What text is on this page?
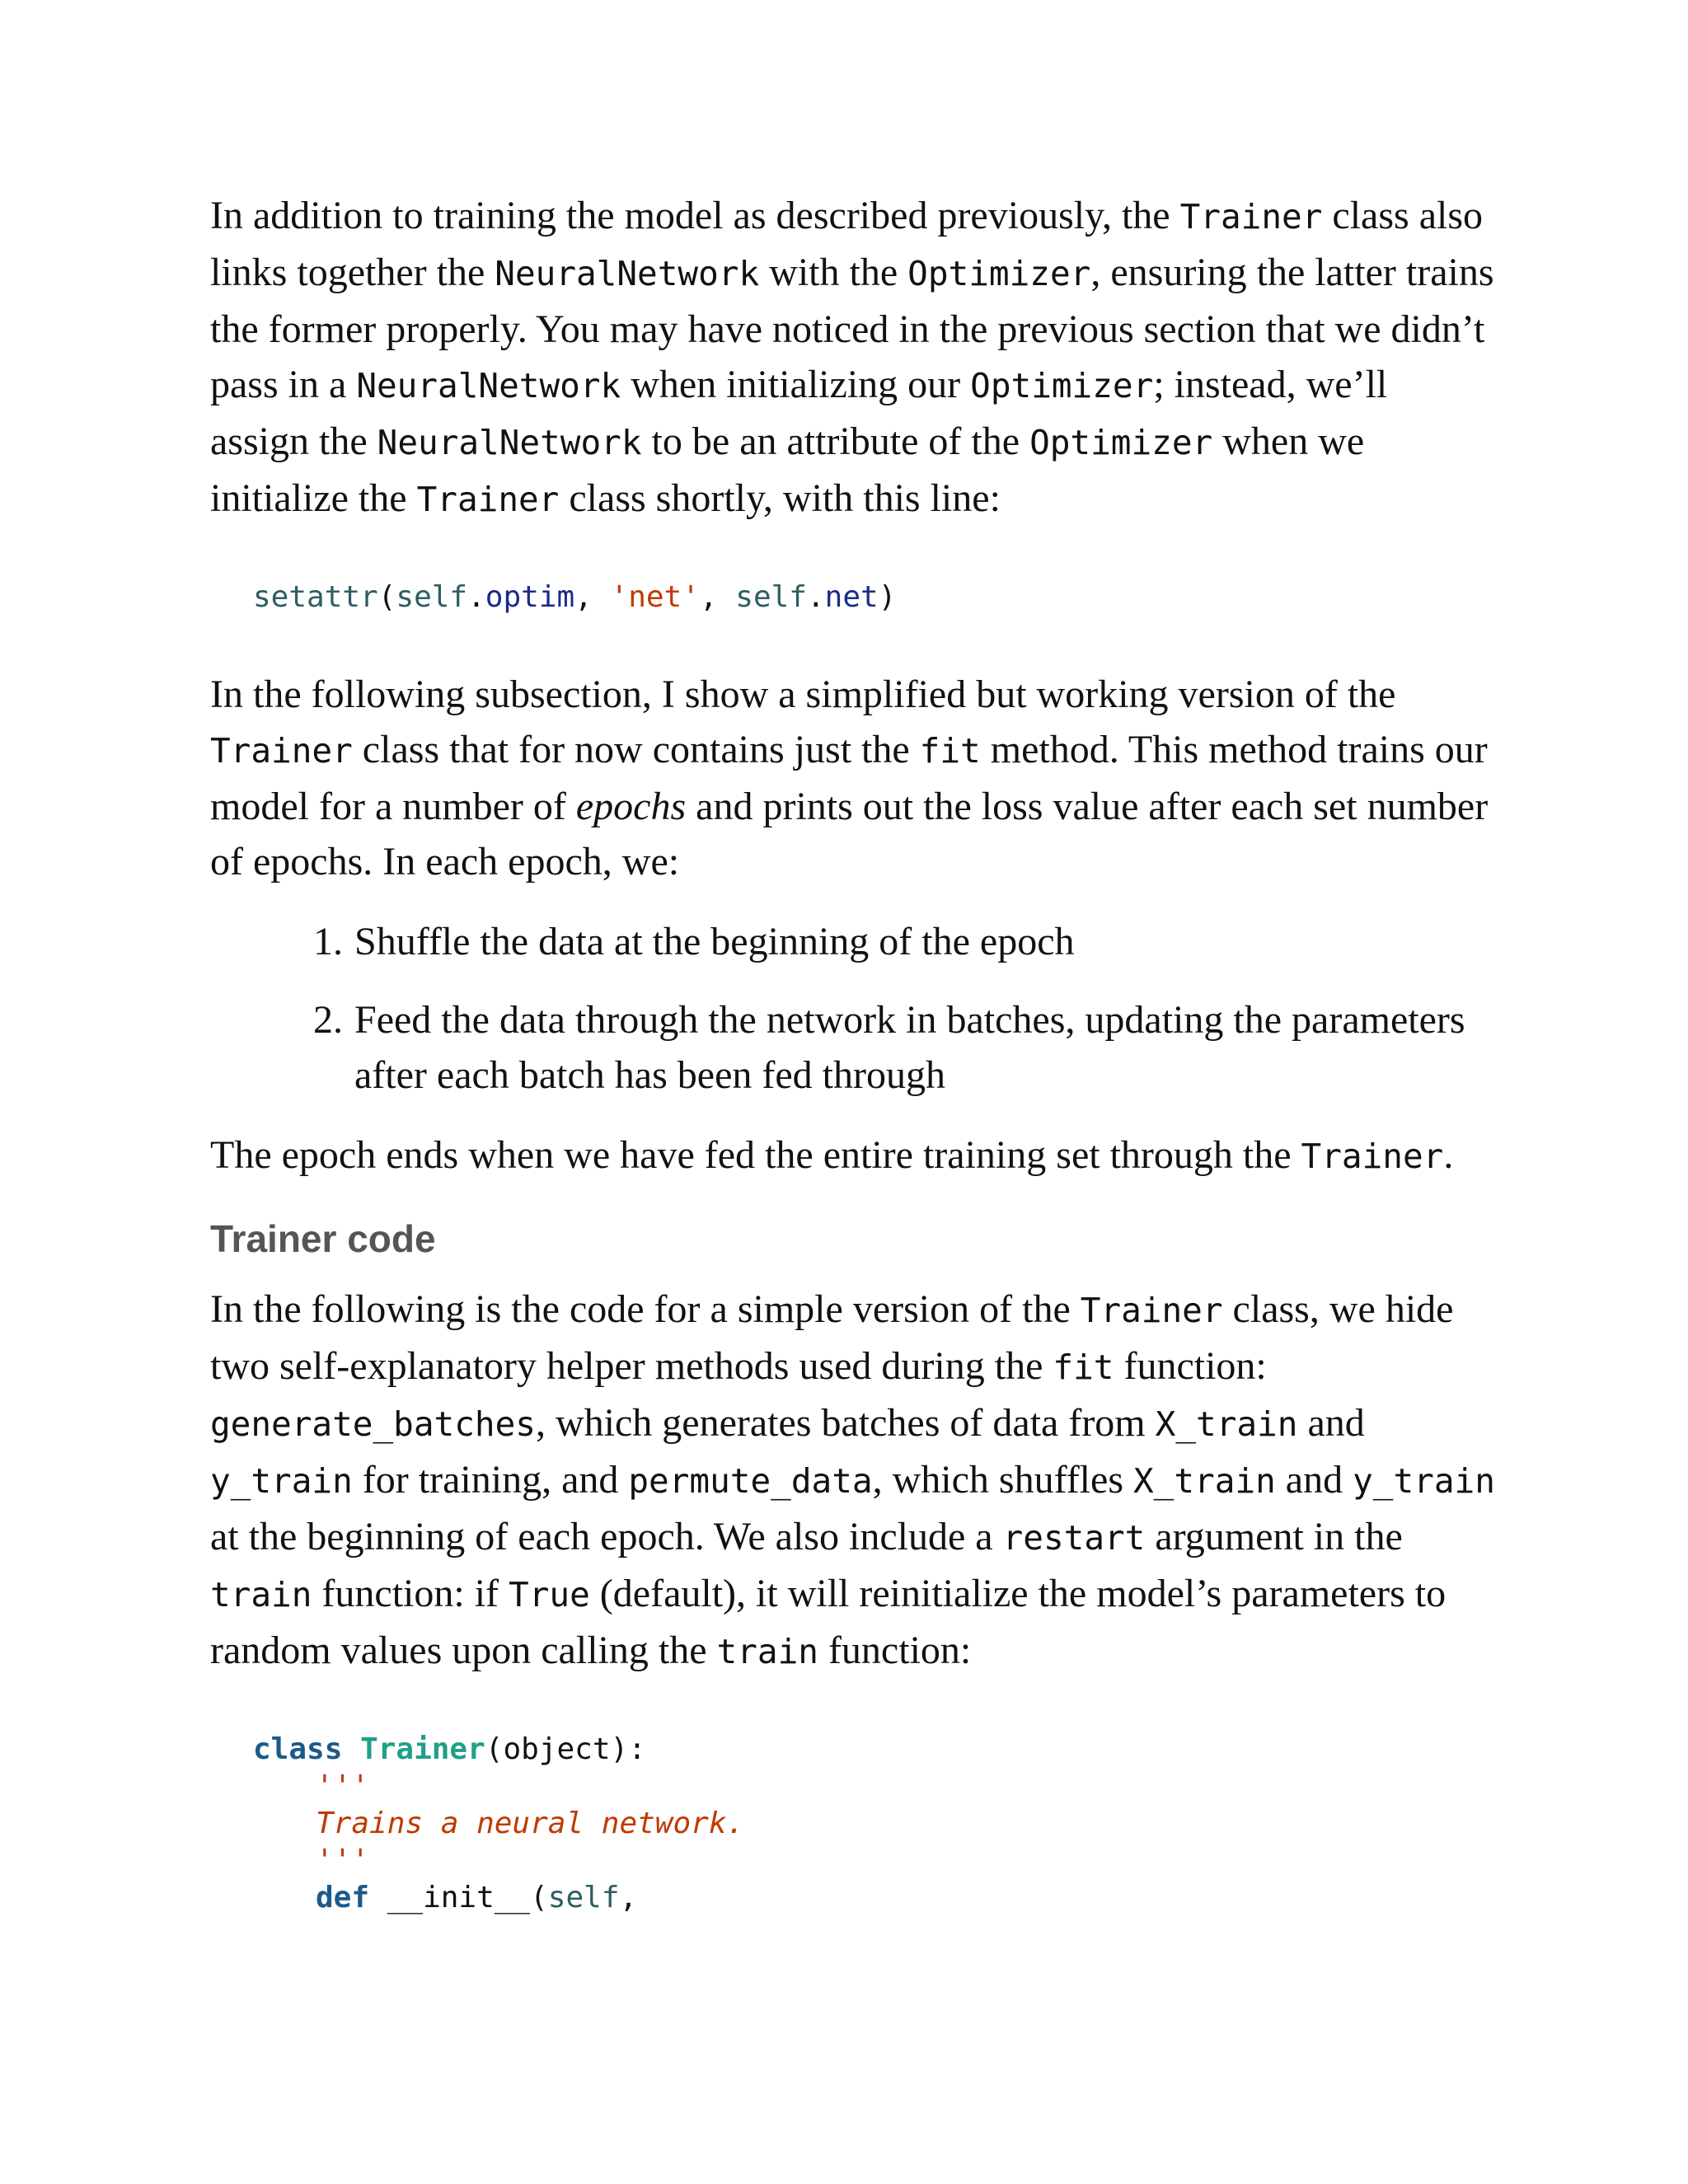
In addition to training the model as described previously, the Trainer class also links together the NeuralNetwork with the Optimizer, ensuring the latter trains the former properly. You may have noticed in the previous section that we didn’t pass in a NeuralNetwork when initializing our Optimizer; instead, we’ll assign the NeuralNetwork to be an attribute of the Optimizer when we initialize the Trainer class shortly, with this line:

setattr(self.optim, 'net', self.net)

In the following subsection, I show a simplified but working version of the Trainer class that for now contains just the fit method. This method trains our model for a number of epochs and prints out the loss value after each set number of epochs. In each epoch, we:

1. Shuffle the data at the beginning of the epoch
2. Feed the data through the network in batches, updating the parameters after each batch has been fed through

The epoch ends when we have fed the entire training set through the Trainer.

Trainer code

In the following is the code for a simple version of the Trainer class, we hide two self-explanatory helper methods used during the fit function: generate_batches, which generates batches of data from X_train and y_train for training, and permute_data, which shuffles X_train and y_train at the beginning of each epoch. We also include a restart argument in the train function: if True (default), it will reinitialize the model’s parameters to random values upon calling the train function:

class Trainer(object):
'''
Trains a neural network.
'''
def __init__(self,
